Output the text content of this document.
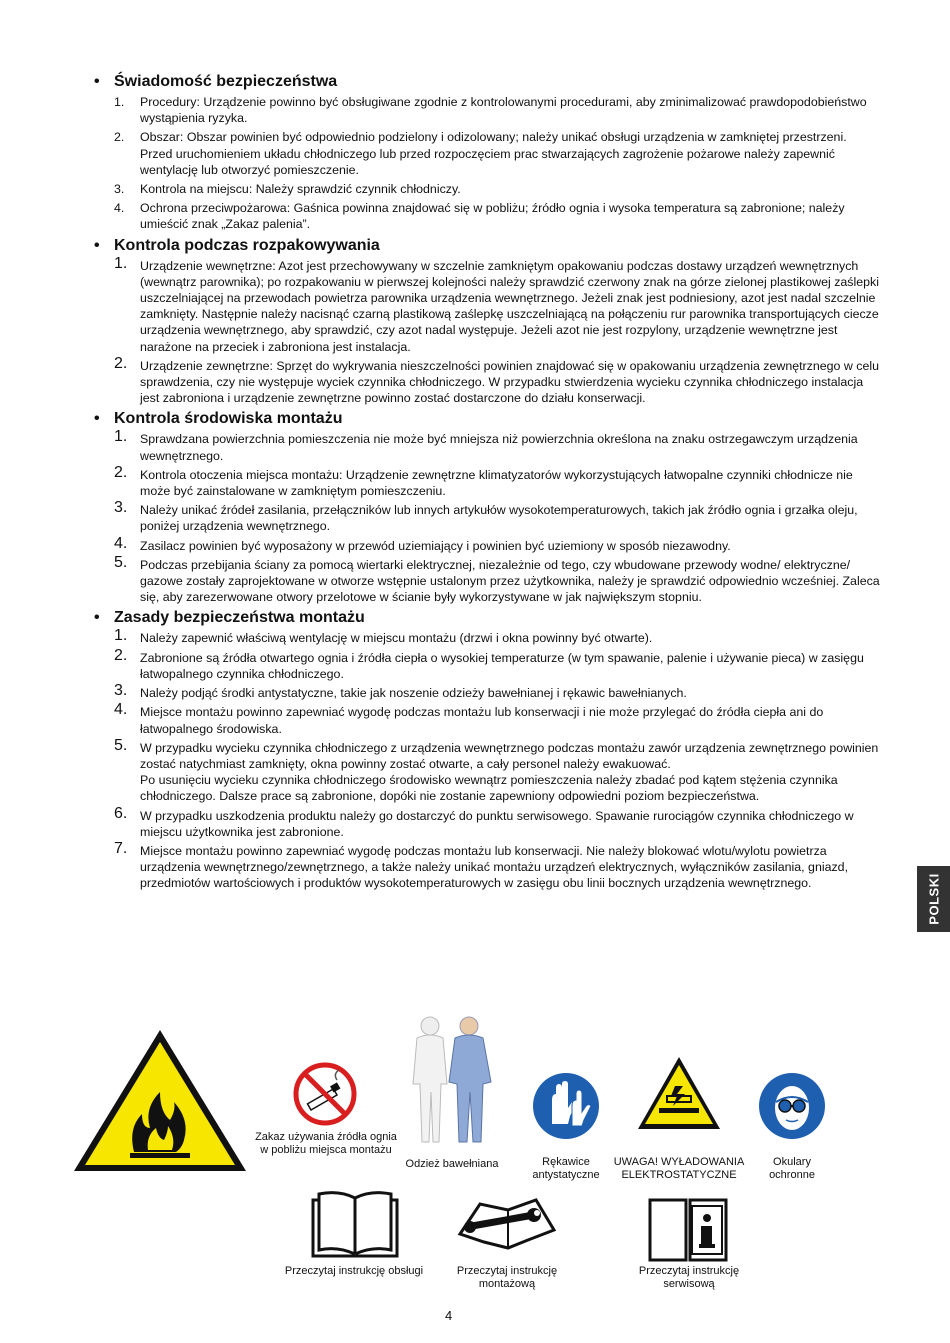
• Świadomość bezpieczeństwa
1. Procedury: Urządzenie powinno być obsługiwane zgodnie z kontrolowanymi procedurami, aby zminimalizować prawdopodobieństwo wystąpienia ryzyka.
2. Obszar: Obszar powinien być odpowiednio podzielony i odizolowany; należy unikać obsługi urządzenia w zamkniętej przestrzeni.
Przed uruchomieniem układu chłodniczego lub przed rozpoczęciem prac stwarzających zagrożenie pożarowe należy zapewnić wentylację lub otworzyć pomieszczenie.
3. Kontrola na miejscu: Należy sprawdzić czynnik chłodniczy.
4. Ochrona przeciwpożarowa: Gaśnica powinna znajdować się w pobliżu; źródło ognia i wysoka temperatura są zabronione; należy umieścić znak „Zakaz palenia”.
• Kontrola podczas rozpakowywania
1. Urządzenie wewnętrzne: Azot jest przechowywany w szczelnie zamkniętym opakowaniu podczas dostawy urządzeń wewnętrznych (wewnątrz parownika); po rozpakowaniu w pierwszej kolejności należy sprawdzić czerwony znak na górze zielonej plastikowej zaślepki uszczelniającej na przewodach powietrza parownika urządzenia wewnętrznego. Jeżeli znak jest podniesiony, azot jest nadal szczelnie zamknięty. Następnie należy nacisnąć czarną plastikową zaślepkę uszczelniającą na połączeniu rur parownika transportujących ciecze urządzenia wewnętrznego, aby sprawdzić, czy azot nadal występuje. Jeżeli azot nie jest rozpylony, urządzenie wewnętrzne jest narażone na przeciek i zabroniona jest instalacja.
2. Urządzenie zewnętrzne: Sprzęt do wykrywania nieszczelności powinien znajdować się w opakowaniu urządzenia zewnętrznego w celu sprawdzenia, czy nie występuje wyciek czynnika chłodniczego. W przypadku stwierdzenia wycieku czynnika chłodniczego instalacja jest zabroniona i urządzenie zewnętrzne powinno zostać dostarczone do działu konserwacji.
• Kontrola środowiska montażu
1. Sprawdzana powierzchnia pomieszczenia nie może być mniejsza niż powierzchnia określona na znaku ostrzegawczym urządzenia wewnętrznego.
2. Kontrola otoczenia miejsca montażu: Urządzenie zewnętrzne klimatyzatorów wykorzystujących łatwopalne czynniki chłodnicze nie może być zainstalowane w zamkniętym pomieszczeniu.
3. Należy unikać źródeł zasilania, przełączników lub innych artykułów wysokotemperaturowych, takich jak źródło ognia i grzałka oleju, poniżej urządzenia wewnętrznego.
4. Zasilacz powinien być wyposażony w przewód uziemiający i powinien być uziemiony w sposób niezawodny.
5. Podczas przebijania ściany za pomocą wiertarki elektrycznej, niezależnie od tego, czy wbudowane przewody wodne/ elektryczne/ gazowe zostały zaprojektowane w otworze wstępnie ustalonym przez użytkownika, należy je sprawdzić odpowiednio wcześniej. Zaleca się, aby zarezerwowane otwory przelotowe w ścianie były wykorzystywane w jak największym stopniu.
• Zasady bezpieczeństwa montażu
1. Należy zapewnić właściwą wentylację w miejscu montażu (drzwi i okna powinny być otwarte).
2. Zabronione są źródła otwartego ognia i źródła ciepła o wysokiej temperaturze (w tym spawanie, palenie i używanie pieca) w zasięgu łatwopalnego czynnika chłodniczego.
3. Należy podjąć środki antystatyczne, takie jak noszenie odzieży bawełnianej i rękawic bawełnianych.
4. Miejsce montażu powinno zapewniać wygodę podczas montażu lub konserwacji i nie może przylegać do źródła ciepła ani do łatwopalnego środowiska.
5. W przypadku wycieku czynnika chłodniczego z urządzenia wewnętrznego podczas montażu zawór urządzenia zewnętrznego powinien zostać natychmiast zamknięty, okna powinny zostać otwarte, a cały personel należy ewakuować.
Po usunięciu wycieku czynnika chłodniczego środowisko wewnątrz pomieszczenia należy zbadać pod kątem stężenia czynnika chłodniczego. Dalsze prace są zabronione, dopóki nie zostanie zapewniony odpowiedni poziom bezpieczeństwa.
6. W przypadku uszkodzenia produktu należy go dostarczyć do punktu serwisowego. Spawanie rurociągów czynnika chłodniczego w miejscu użytkownika jest zabronione.
7. Miejsce montażu powinno zapewniać wygodę podczas montażu lub konserwacji. Nie należy blokować wlotu/wylotu powietrza urządzenia wewnętrznego/zewnętrznego, a także należy unikać montażu urządzeń elektrycznych, wyłączników zasilania, gniazd, przedmiotów wartościowych i produktów wysokotemperaturowych w zasięgu obu linii bocznych urządzenia wewnętrznego.	POLSKI
Zakaz używania źródła ognia
w pobliżu miejsca montażu
Odzież bawełniana	Rękawice
antystatyczne
UWAGA! WYŁADOWANIA
ELEKTROSTATYCZNE
Okulary
ochronne
Przeczytaj instrukcję obsługi	Przeczytaj instrukcję
montażową
Przeczytaj instrukcję
serwisową
4
